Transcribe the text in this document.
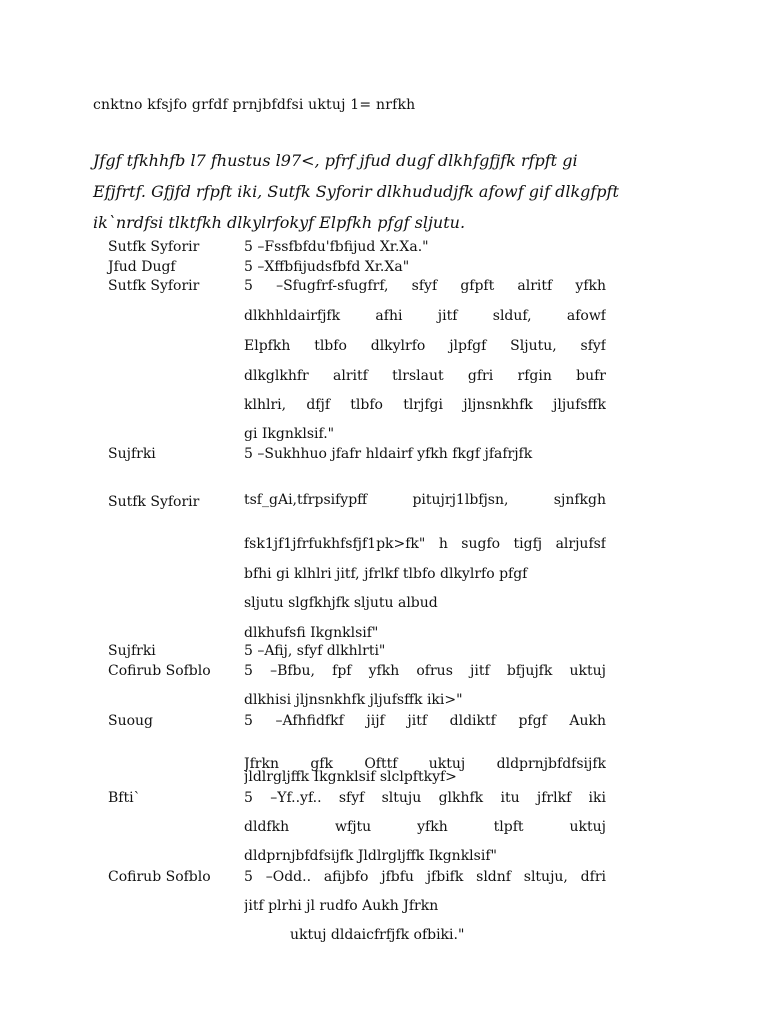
cnktno kfsjfo grfdf prnjbfdfsi uktuj 1= nrfkh
Jfgf tfkhhfb l7 fhustus l97<, pfrf jfud dugf dlkhfgfjfk rfpft gi
Efjfrtf. Gfjfd rfpft iki, Sutfk Syforir dlkhududjfk afowf gif dlkgfpft
ik`nrdfsi tlktfkh dlkylrfokyf Elpfkh pfgf sljutu.
Sutfk Syforir	5 –Fssfbfdu'fbfijud Xr.Xa."
Jfud Dugf	5 –Xffbfijudsfbfd Xr.Xa"
Sutfk Syforir	5 –Sfugfrf-sfugfrf, sfyf gfpft alritf yfkh
dlkhhldairfjfk afhi jitf slduf, afowf
Elpfkh tlbfo dlkylrfo jlpfgf Sljutu, sfyf
dlkglkhfr alritf tlrslaut gfri rfgin bufr
klhlri, dfjf tlbfo tlrjfgi jljnsnkhfk jljufsffk
gi Ikgnklsif."
Sujfrki	5 –Sukhhuo jfafr hldairf yfkh fkgf jfafrjfk
Sutfk Syforir	tsf_gAi,tfrpsifypff pitujrj1lbfjsn, sjnfkgh
fsk1jf1jfrfukhfsfjf1pk>fk" h sugfo tigfj alrjufsf
bfhi gi klhlri jitf, jfrlkf tlbfo dlkylrfo pfgf
sljutu slgfkhjfk sljutu albud
dlkhufsfi Ikgnklsif"
Sujfrki	5 –Afij, sfyf dlkhlrti"
Cofirub Sofblo 5 –Bfbu, fpf yfkh ofrus jitf bfjujfk uktuj
dlkhisi jljnsnkhfk jljufsffk iki>"
Suoug	5 –Afhfidfkf jijf jitf dldiktf pfgf Aukh
Jfrkn gfk Ofttf uktuj dldprnjbfdfsijfk
jldlrgljffk Ikgnklsif slclpftkyf>
Bfti`	5 –Yf..yf.. sfyf sltuju glkhfk itu jfrlkf iki
dldfkh wfjtu yfkh tlpft uktuj
dldprnjbfdfsijfk Jldlrgljffk Ikgnklsif"
Cofirub Sofblo 5 –Odd.. afijbfo jfbfu jfbifk sldnf sltuju, dfri
jitf plrhi jl rudfo Aukh Jfrkn
uktuj dldaicfrfjfk ofbiki."
